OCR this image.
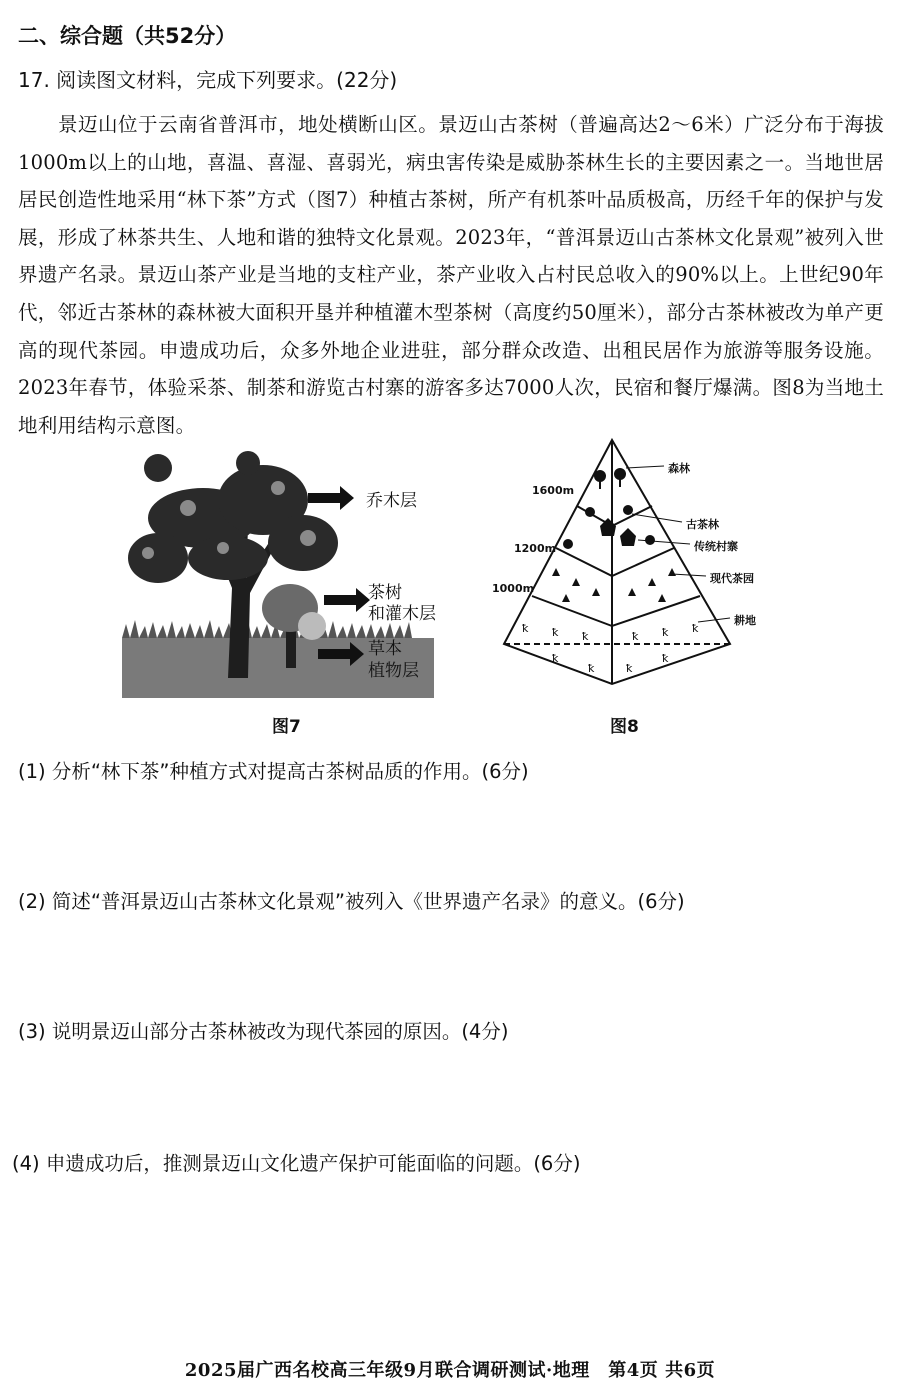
二、综合题（共52分）
17. 阅读图文材料，完成下列要求。(22分)

景迈山位于云南省普洱市，地处横断山区。景迈山古茶树（普遍高达2～6米）广泛分布于海拔1000m以上的山地，喜温、喜湿、喜弱光，病虫害传染是威胁茶林生长的主要因素之一。当地世居居民创造性地采用“林下茶”方式（图7）种植古茶树，所产有机茶叶品质极高，历经千年的保护与发展，形成了林茶共生、人地和谐的独特文化景观。2023年，“普洱景迈山古茶林文化景观”被列入世界遗产名录。景迈山茶产业是当地的支柱产业，茶产业收入占村民总收入的90%以上。上世纪90年代，邻近古茶林的森林被大面积开垦并种植灌木型茶树（高度约50厘米），部分古茶林被改为单产更高的现代茶园。申遗成功后，众多外地企业进驻，部分群众改造、出租民居作为旅游等服务设施。2023年春节，体验采茶、制茶和游览古村寨的游客多达7000人次，民宿和餐厅爆满。图8为当地土地利用结构示意图。

乔木层
茶树
和灌木层
草本
植物层
图7
ꝁ ꝁ ꝁ	ꝁ ꝁ ꝁ
ꝁ
ꝁ	ꝁ
ꝁ
1600m
1200m
1000m
森林
古茶林
传统村寨
现代茶园
耕地
图8
(1) 分析“林下茶”种植方式对提高古茶树品质的作用。(6分)
(2) 简述“普洱景迈山古茶林文化景观”被列入《世界遗产名录》的意义。(6分)
(3) 说明景迈山部分古茶林被改为现代茶园的原因。(4分)
(4) 申遗成功后，推测景迈山文化遗产保护可能面临的问题。(6分)
2025届广西名校高三年级9月联合调研测试·地理　第4页 共6页
